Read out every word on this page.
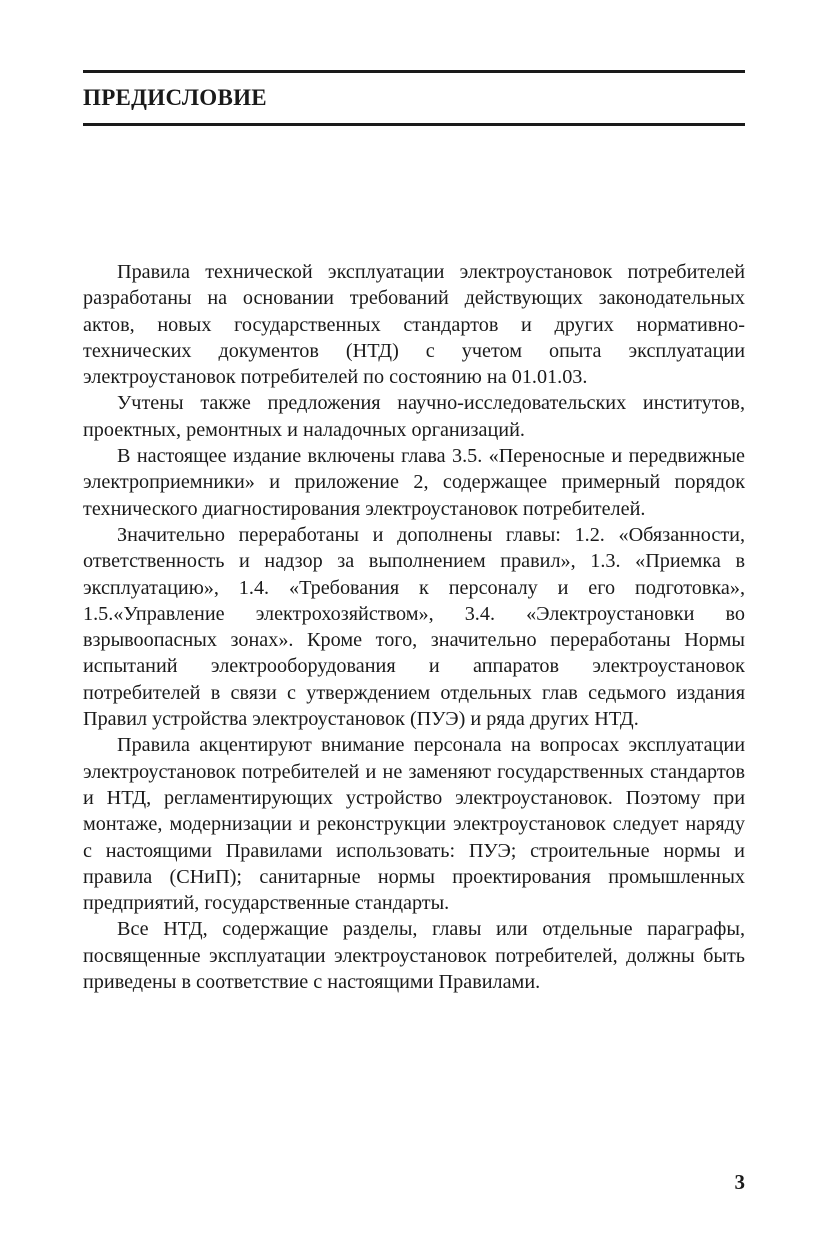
ПРЕДИСЛОВИЕ

Правила технической эксплуатации электроустановок потребителей разработаны на основании требований действующих законодательных актов, новых государственных стандартов и других нормативно-технических документов (НТД) с учетом опыта эксплуатации электроустановок потребителей по состоянию на 01.01.03.

Учтены также предложения научно-исследовательских институтов, проектных, ремонтных и наладочных организаций.

В настоящее издание включены глава 3.5. «Переносные и передвижные электроприемники» и приложение 2, содержащее примерный порядок технического диагностирования электроустановок потребителей.

Значительно переработаны и дополнены главы: 1.2. «Обязанности, ответственность и надзор за выполнением правил», 1.3. «Приемка в эксплуатацию», 1.4. «Требования к персоналу и его подготовка», 1.5.«Управление электрохозяйством», 3.4. «Электроустановки во взрывоопасных зонах». Кроме того, значительно переработаны Нормы испытаний электрооборудования и аппаратов электроустановок потребителей в связи с утверждением отдельных глав седьмого издания Правил устройства электроустановок (ПУЭ) и ряда других НТД.

Правила акцентируют внимание персонала на вопросах эксплуатации электроустановок потребителей и не заменяют государственных стандартов и НТД, регламентирующих устройство электроустановок. Поэтому при монтаже, модернизации и реконструкции электроустановок следует наряду с настоящими Правилами использовать: ПУЭ; строительные нормы и правила (СНиП); санитарные нормы проектирования промышленных предприятий, государственные стандарты.

Все НТД, содержащие разделы, главы или отдельные параграфы, посвященные эксплуатации электроустановок потребителей, должны быть приведены в соответствие с настоящими Правилами.

3
